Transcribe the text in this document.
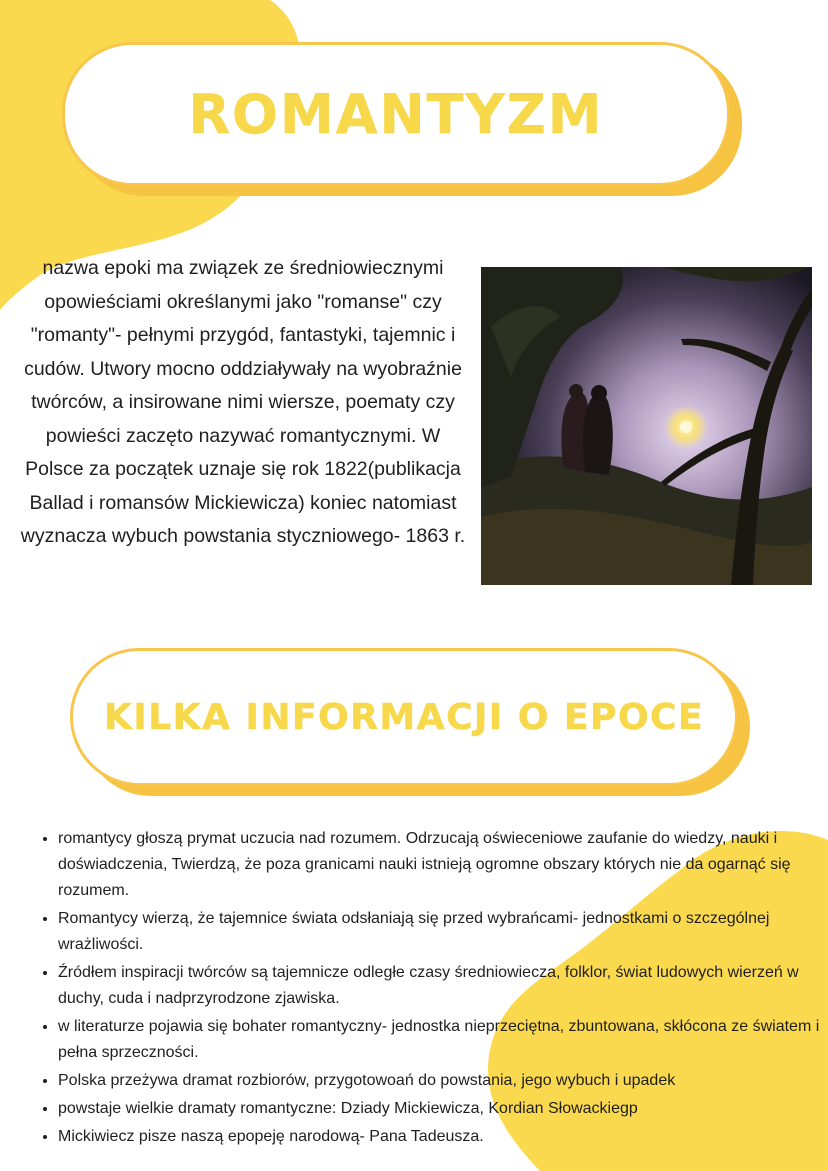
ROMANTYZM
nazwa epoki ma związek ze średniowiecznymi opowieściami określanymi jako "romanse" czy "romanty"- pełnymi przygód, fantastyki, tajemnic i cudów. Utwory mocno oddziaływały na wyobraźnie twórców, a insirowane nimi wiersze, poematy czy powieści zaczęto nazywać romantycznymi. W Polsce za początek uznaje się rok 1822(publikacja Ballad i romansów Mickiewicza) koniec natomiast wyznacza wybuch powstania styczniowego- 1863 r.
KILKA INFORMACJI O EPOCE
• romantycy głoszą prymat uczucia nad rozumem. Odrzucają oświeceniowe zaufanie do wiedzy, nauki i doświadczenia, Twierdzą, że poza granicami nauki istnieją ogromne obszary których nie da ogarnąć się rozumem.
• Romantycy wierzą, że tajemnice świata odsłaniają się przed wybrańcami- jednostkami o szczególnej wrażliwości.
• Źródłem inspiracji twórców są tajemnicze odległe czasy średniowiecza, folklor, świat ludowych wierzeń w duchy, cuda i nadprzyrodzone zjawiska.
• w literaturze pojawia się bohater romantyczny- jednostka nieprzeciętna, zbuntowana, skłócona ze światem i pełna sprzeczności.
• Polska przeżywa dramat rozbiorów, przygotowoań do powstania, jego wybuch i upadek
• powstaje wielkie dramaty romantyczne: Dziady Mickiewicza, Kordian Słowackiegp
• Mickiwiecz pisze naszą epopeję narodową- Pana Tadeusza.
